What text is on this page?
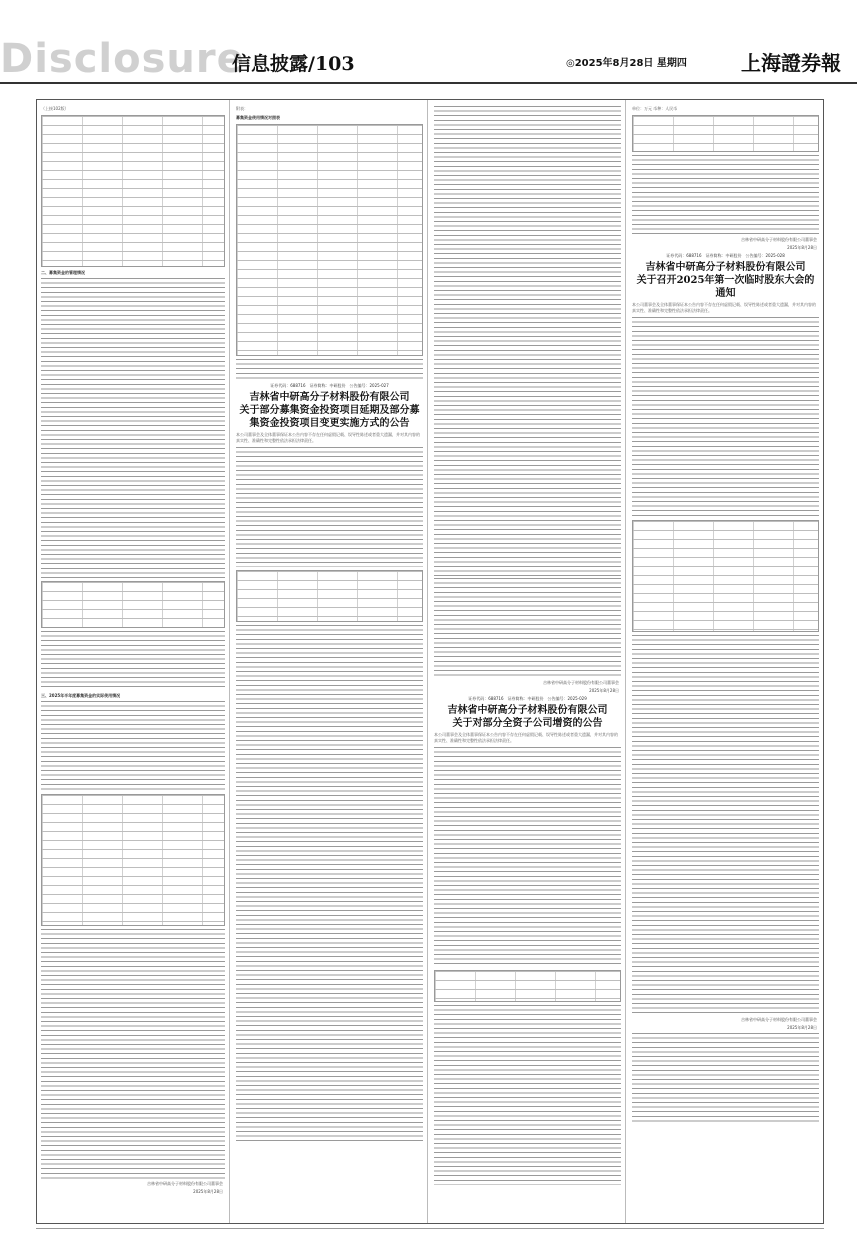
Disclosure
信息披露/103	◎2025年8月28日 星期四	上海證券報
（上接102版）
二、募集资金的管理情况
三、2025年半年度募集资金的实际使用情况
吉林省中研高分子材料股份有限公司董事会
2025年8月28日
附表：
募集资金使用情况对照表
证券代码：688716　证券简称：中研股份　公告编号：2025-027
吉林省中研高分子材料股份有限公司
关于部分募集资金投资项目延期及部分募集资金投资项目变更实施方式的公告
本公司董事会及全体董事保证本公告内容不存在任何虚假记载、误导性陈述或者重大遗漏，并对其内容的真实性、准确性和完整性依法承担法律责任。
吉林省中研高分子材料股份有限公司董事会
2025年8月28日
证券代码：688716　证券简称：中研股份　公告编号：2025-029
吉林省中研高分子材料股份有限公司
关于对部分全资子公司增资的公告
本公司董事会及全体董事保证本公告内容不存在任何虚假记载、误导性陈述或者重大遗漏，并对其内容的真实性、准确性和完整性依法承担法律责任。
单位：万元 币种：人民币
吉林省中研高分子材料股份有限公司董事会
2025年8月28日
证券代码：688716　证券简称：中研股份　公告编号：2025-028
吉林省中研高分子材料股份有限公司
关于召开2025年第一次临时股东大会的通知
本公司董事会及全体董事保证本公告内容不存在任何虚假记载、误导性陈述或者重大遗漏，并对其内容的真实性、准确性和完整性依法承担法律责任。
吉林省中研高分子材料股份有限公司董事会
2025年8月28日
